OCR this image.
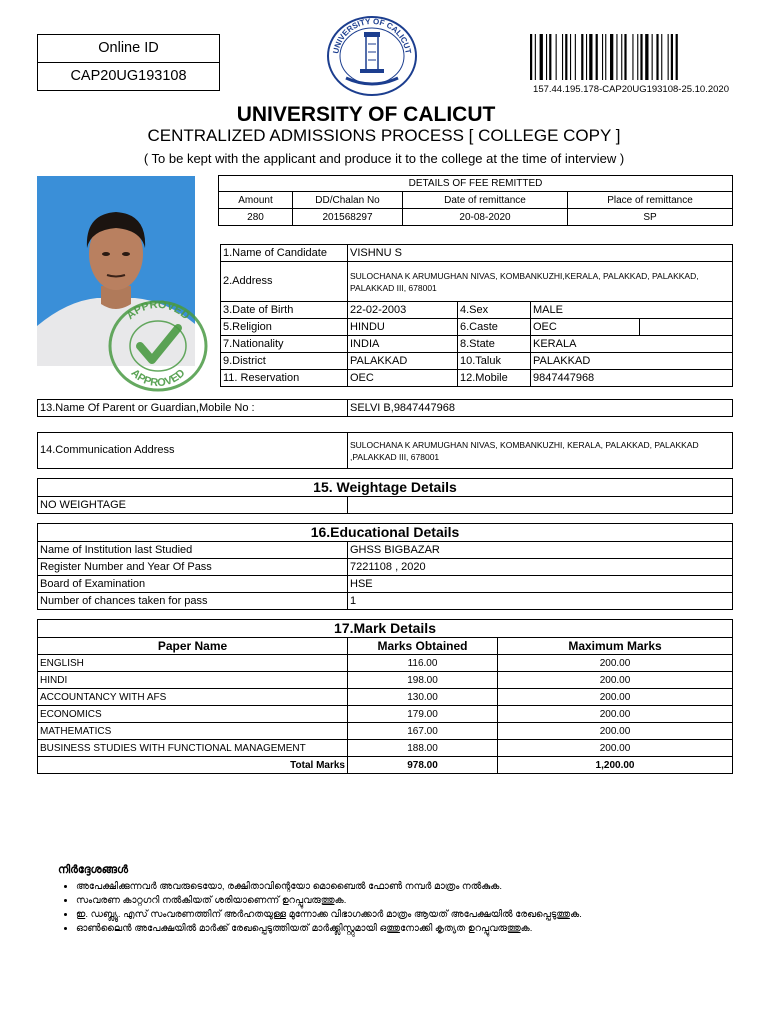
Online ID
CAP20UG193108
UNIVERSITY OF CALICUT
157.44.195.178-CAP20UG193108-25.10.2020
UNIVERSITY OF CALICUT
CENTRALIZED ADMISSIONS PROCESS [ COLLEGE COPY ]
( To be kept with the applicant and produce it to the college at the time of interview )
APPROVED
APPROVED
DETAILS OF FEE REMITTED			
Amount	DD/Chalan No	Date of remittance	Place of remittance
280	201568297	20-08-2020	SP
1.Name of Candidate	VISHNU S			
2.Address	SULOCHANA K ARUMUGHAN NIVAS, KOMBANKUZHI,KERALA, PALAKKAD, PALAKKAD, PALAKKAD III, 678001			
3.Date of Birth	22-02-2003	4.Sex	MALE	
5.Religion	HINDU	6.Caste	OEC	
7.Nationality	INDIA	8.State	KERALA	
9.District	PALAKKAD	10.Taluk	PALAKKAD	
11. Reservation	OEC	12.Mobile	9847447968	
13.Name Of Parent or Guardian,Mobile No :	SELVI B,9847447968
14.Communication Address	SULOCHANA K ARUMUGHAN NIVAS, KOMBANKUZHI, KERALA, PALAKKAD, PALAKKAD ,PALAKKAD III, 678001
15. Weightage Details
NO WEIGHTAGE	
16.Educational Details	
Name of Institution last Studied	GHSS BIGBAZAR
Register Number and Year Of Pass	7221108 , 2020
Board of Examination	HSE
Number of chances taken for pass	1
17.Mark Details		
Paper Name	Marks Obtained	Maximum Marks
ENGLISH	116.00	200.00
HINDI	198.00	200.00
ACCOUNTANCY WITH AFS	130.00	200.00
ECONOMICS	179.00	200.00
MATHEMATICS	167.00	200.00
BUSINESS STUDIES WITH FUNCTIONAL MANAGEMENT	188.00	200.00
Total Marks	978.00	1,200.00
നിർദ്ദേശങ്ങൾ
• അപേക്ഷിക്കുന്നവർ അവരുടെയോ, രക്ഷിതാവിന്റെയോ മൊബൈൽ ഫോൺ നമ്പർ മാത്രം നൽകുക.
• സംവരണ കാറ്റഗറി നൽകിയത് ശരിയാണെന്ന് ഉറപ്പുവരുത്തുക.
• ഇ. ഡബ്ല്യു. എസ് സംവരണത്തിന് അർഹതയുള്ള മുന്നോക്ക വിഭാഗക്കാർ മാത്രം ആയത് അപേക്ഷയിൽ രേഖപ്പെടുത്തുക.
• ഓൺലൈൻ അപേക്ഷയിൽ മാർക്ക് രേഖപ്പെടുത്തിയത് മാർക്ക്ലിസ്റ്റുമായി ഒത്തുനോക്കി കൃത്യത ഉറപ്പുവരുത്തുക.
